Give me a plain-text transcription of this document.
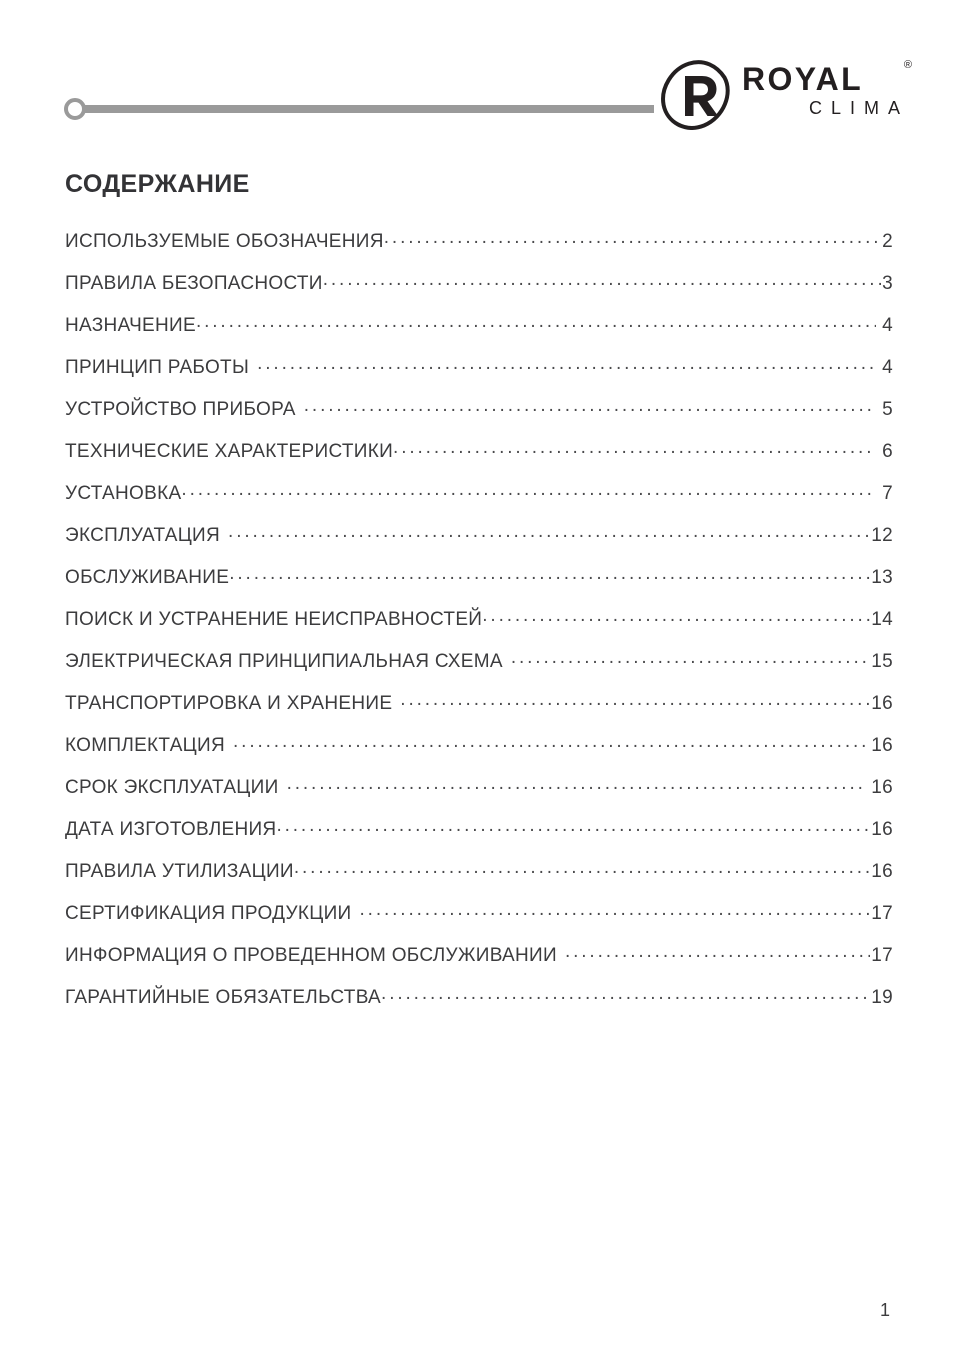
ROYAL	®
CLIMA
СОДЕРЖАНИЕ
ИСПОЛЬЗУЕМЫЕ ОБОЗНАЧЕНИЯ . . .	2
ПРАВИЛА БЕЗОПАСНОСТИ . . .	3
НАЗНАЧЕНИЕ . . .	4
ПРИНЦИП РАБОТЫ . . .	4
УСТРОЙСТВО ПРИБОРА . . .	5
ТЕХНИЧЕСКИЕ ХАРАКТЕРИСТИКИ . . .	6
УСТАНОВКА . . .	7
ЭКСПЛУАТАЦИЯ . . .	12
ОБСЛУЖИВАНИЕ . . .	13
ПОИСК И УСТРАНЕНИЕ НЕИСПРАВНОСТЕЙ . . .	14
ЭЛЕКТРИЧЕСКАЯ ПРИНЦИПИАЛЬНАЯ СХЕМА . . .	15
ТРАНСПОРТИРОВКА И ХРАНЕНИЕ . . .	16
КОМПЛЕКТАЦИЯ . . .	16
СРОК ЭКСПЛУАТАЦИИ . . .	16
ДАТА ИЗГОТОВЛЕНИЯ . . .	16
ПРАВИЛА УТИЛИЗАЦИИ . . .	16
СЕРТИФИКАЦИЯ ПРОДУКЦИИ . . .	17
ИНФОРМАЦИЯ О ПРОВЕДЕННОМ ОБСЛУЖИВАНИИ . . .	17
ГАРАНТИЙНЫЕ ОБЯЗАТЕЛЬСТВА . . .	19
1
